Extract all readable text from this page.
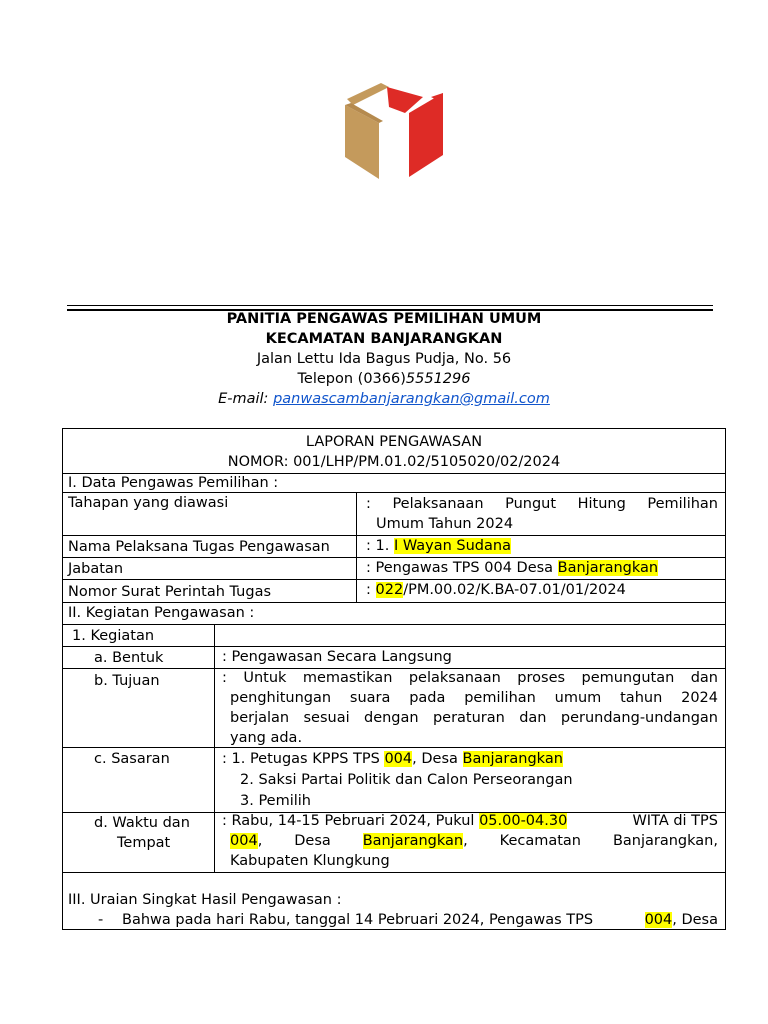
PANITIA PENGAWAS PEMILIHAN UMUM
KECAMATAN BANJARANGKAN
Jalan Lettu Ida Bagus Pudja, No. 56
Telepon (0366)5551296
E-mail: panwascambanjarangkan@gmail.com
LAPORAN PENGAWASAN
NOMOR: 001/LHP/PM.01.02/5105020/02/2024
I. Data Pengawas Pemilihan :
Tahapan yang diawasi	: Pelaksanaan Pungut Hitung Pemilihan
Umum Tahun 2024
Nama Pelaksana Tugas Pengawasan : 1. I Wayan Sudana
Jabatan	: Pengawas TPS 004 Desa Banjarangkan
Nomor Surat Perintah Tugas	: 022/PM.00.02/K.BA-07.01/01/2024
II. Kegiatan Pengawasan :
1. Kegiatan
a. Bentuk	: Pengawasan Secara Langsung
b. Tujuan	: Untuk memastikan pelaksanaan proses pemungutan dan
penghitungan suara pada pemilihan umum tahun 2024
berjalan sesuai dengan peraturan dan perundang-undangan
yang ada.
c. Sasaran	: 1. Petugas KPPS TPS 004, Desa Banjarangkan
2. Saksi Partai Politik dan Calon Perseorangan
3. Pemilih
d. Waktu dan
Tempat
: Rabu, 14-15 Pebruari 2024, Pukul 05.00-04.30	WITA di TPS
004, Desa Banjarangkan, Kecamatan Banjarangkan,
Kabupaten Klungkung
III. Uraian Singkat Hasil Pengawasan :
- Bahwa pada hari Rabu, tanggal 14 Pebruari 2024, Pengawas TPS	004, Desa
